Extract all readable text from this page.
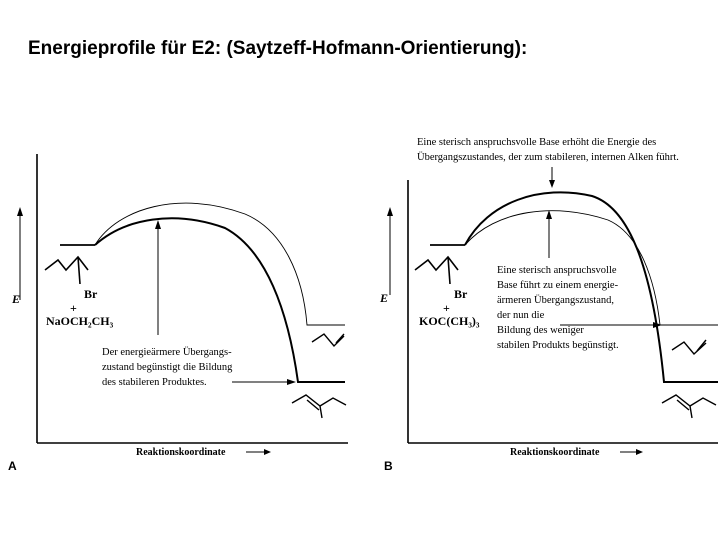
Energieprofile für E2: (Saytzeff-Hofmann-Orientierung):
E	Br
+
NaOCH₂CH₃
Der energieärmere Übergangs- zustand begünstigt die Bildung des stabileren Produktes.
Reaktionskoordinate
A
Eine sterisch anspruchsvolle Base erhöht die Energie des Übergangszustandes, der zum stabileren, internen Alken führt.
E	Br
+
KOC(CH₃)₃
Eine sterisch anspruchsvolle Base führt zu einem energie- ärmeren Übergangszustand, der nun die Bildung des weniger stabilen Produkts begünstigt.
Reaktionskoordinate
B
